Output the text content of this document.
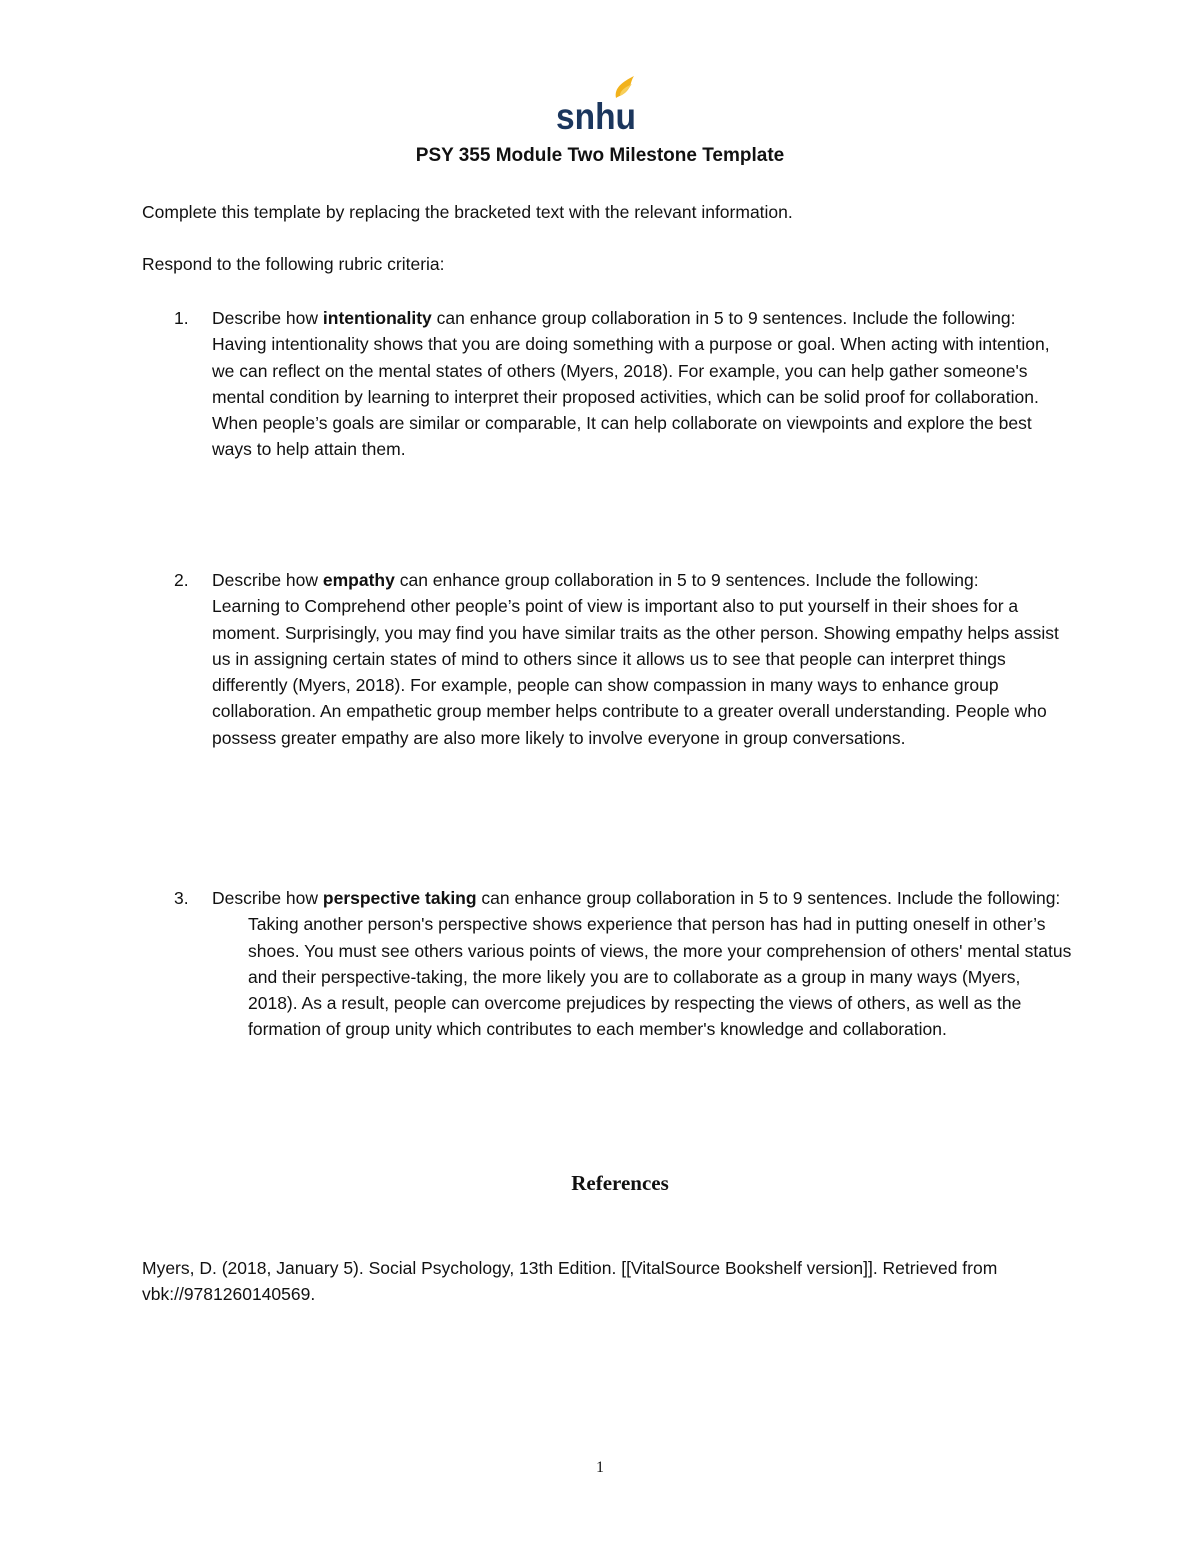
snhu
PSY 355 Module Two Milestone Template
Complete this template by replacing the bracketed text with the relevant information.
Respond to the following rubric criteria:
1. Describe how intentionality can enhance group collaboration in 5 to 9 sentences. Include the following:
Having intentionality shows that you are doing something with a purpose or goal. When acting with intention, we can reflect on the mental states of others (Myers, 2018). For example, you can help gather someone's mental condition by learning to interpret their proposed activities, which can be solid proof for collaboration. When people’s goals are similar or comparable, It can help collaborate on viewpoints and explore the best ways to help attain them.
2. Describe how empathy can enhance group collaboration in 5 to 9 sentences. Include the following:
Learning to Comprehend other people’s point of view is important also to put yourself in their shoes for a moment. Surprisingly, you may find you have similar traits as the other person. Showing empathy helps assist us in assigning certain states of mind to others since it allows us to see that people can interpret things differently (Myers, 2018). For example, people can show compassion in many ways to enhance group collaboration. An empathetic group member helps contribute to a greater overall understanding. People who possess greater empathy are also more likely to involve everyone in group conversations.
3. Describe how perspective taking can enhance group collaboration in 5 to 9 sentences. Include the following:
Taking another person's perspective shows experience that person has had in putting oneself in other’s shoes. You must see others various points of views, the more your comprehension of others' mental status and their perspective-taking, the more likely you are to collaborate as a group in many ways (Myers, 2018). As a result, people can overcome prejudices by respecting the views of others, as well as the formation of group unity which contributes to each member's knowledge and collaboration.
References
Myers, D. (2018, January 5). Social Psychology, 13th Edition. [[VitalSource Bookshelf version]]. Retrieved from vbk://9781260140569.
1
